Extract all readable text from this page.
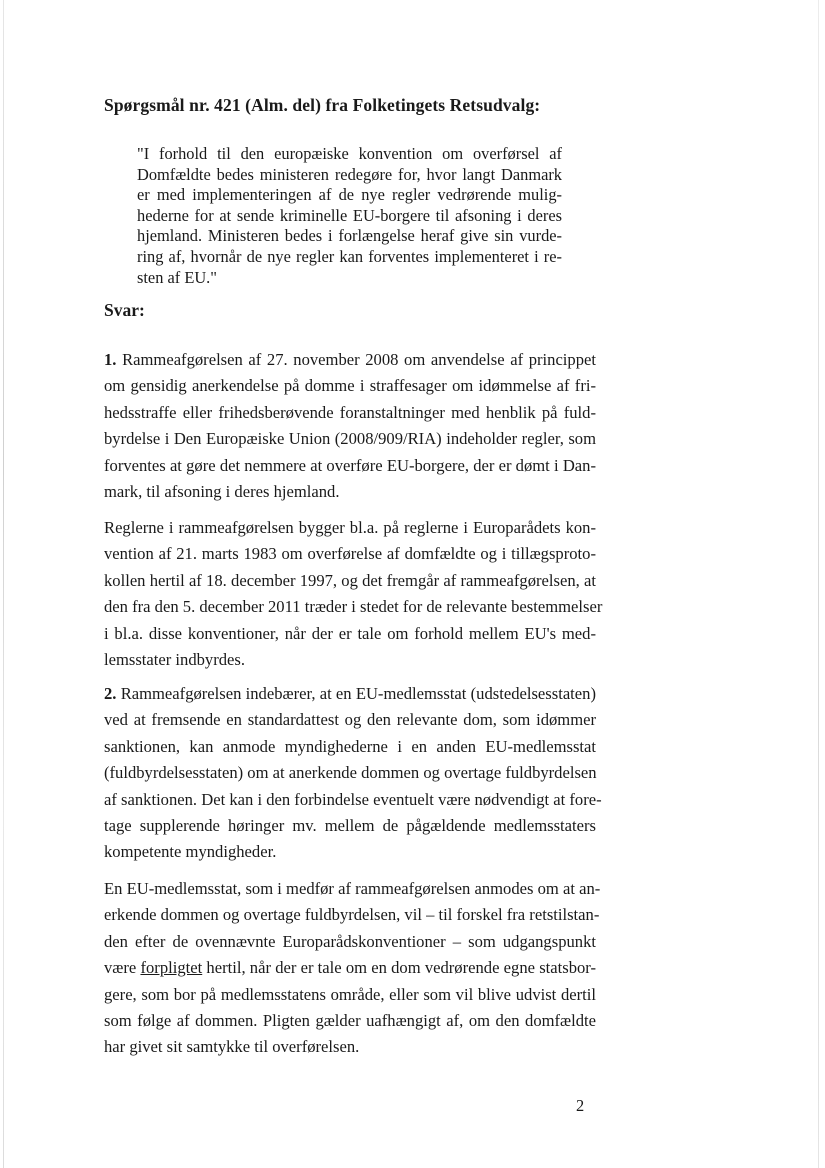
Spørgsmål nr. 421 (Alm. del) fra Folketingets Retsudvalg:
"I forhold til den europæiske konvention om overførsel af
Domfældte bedes ministeren redegøre for, hvor langt Danmark
er med implementeringen af de nye regler vedrørende mulig-
hederne for at sende kriminelle EU-borgere til afsoning i deres
hjemland. Ministeren bedes i forlængelse heraf give sin vurde-
ring af, hvornår de nye regler kan forventes implementeret i re-
sten af EU."
Svar:
1. Rammeafgørelsen af 27. november 2008 om anvendelse af princippet
om gensidig anerkendelse på domme i straffesager om idømmelse af fri-
hedsstraffe eller frihedsberøvende foranstaltninger med henblik på fuld-
byrdelse i Den Europæiske Union (2008/909/RIA) indeholder regler, som
forventes at gøre det nemmere at overføre EU-borgere, der er dømt i Dan-
mark, til afsoning i deres hjemland.
Reglerne i rammeafgørelsen bygger bl.a. på reglerne i Europarådets kon-
vention af 21. marts 1983 om overførelse af domfældte og i tillægsproto-
kollen hertil af 18. december 1997, og det fremgår af rammeafgørelsen, at
den fra den 5. december 2011 træder i stedet for de relevante bestemmelser
i bl.a. disse konventioner, når der er tale om forhold mellem EU's med-
lemsstater indbyrdes.
2. Rammeafgørelsen indebærer, at en EU-medlemsstat (udstedelsesstaten)
ved at fremsende en standardattest og den relevante dom, som idømmer
sanktionen, kan anmode myndighederne i en anden EU-medlemsstat
(fuldbyrdelsesstaten) om at anerkende dommen og overtage fuldbyrdelsen
af sanktionen. Det kan i den forbindelse eventuelt være nødvendigt at fore-
tage supplerende høringer mv. mellem de pågældende medlemsstaters
kompetente myndigheder.
En EU-medlemsstat, som i medfør af rammeafgørelsen anmodes om at an-
erkende dommen og overtage fuldbyrdelsen, vil – til forskel fra retstilstan-
den efter de ovennævnte Europarådskonventioner – som udgangspunkt
være forpligtet hertil, når der er tale om en dom vedrørende egne statsbor-
gere, som bor på medlemsstatens område, eller som vil blive udvist dertil
som følge af dommen. Pligten gælder uafhængigt af, om den domfældte
har givet sit samtykke til overførelsen.
2
